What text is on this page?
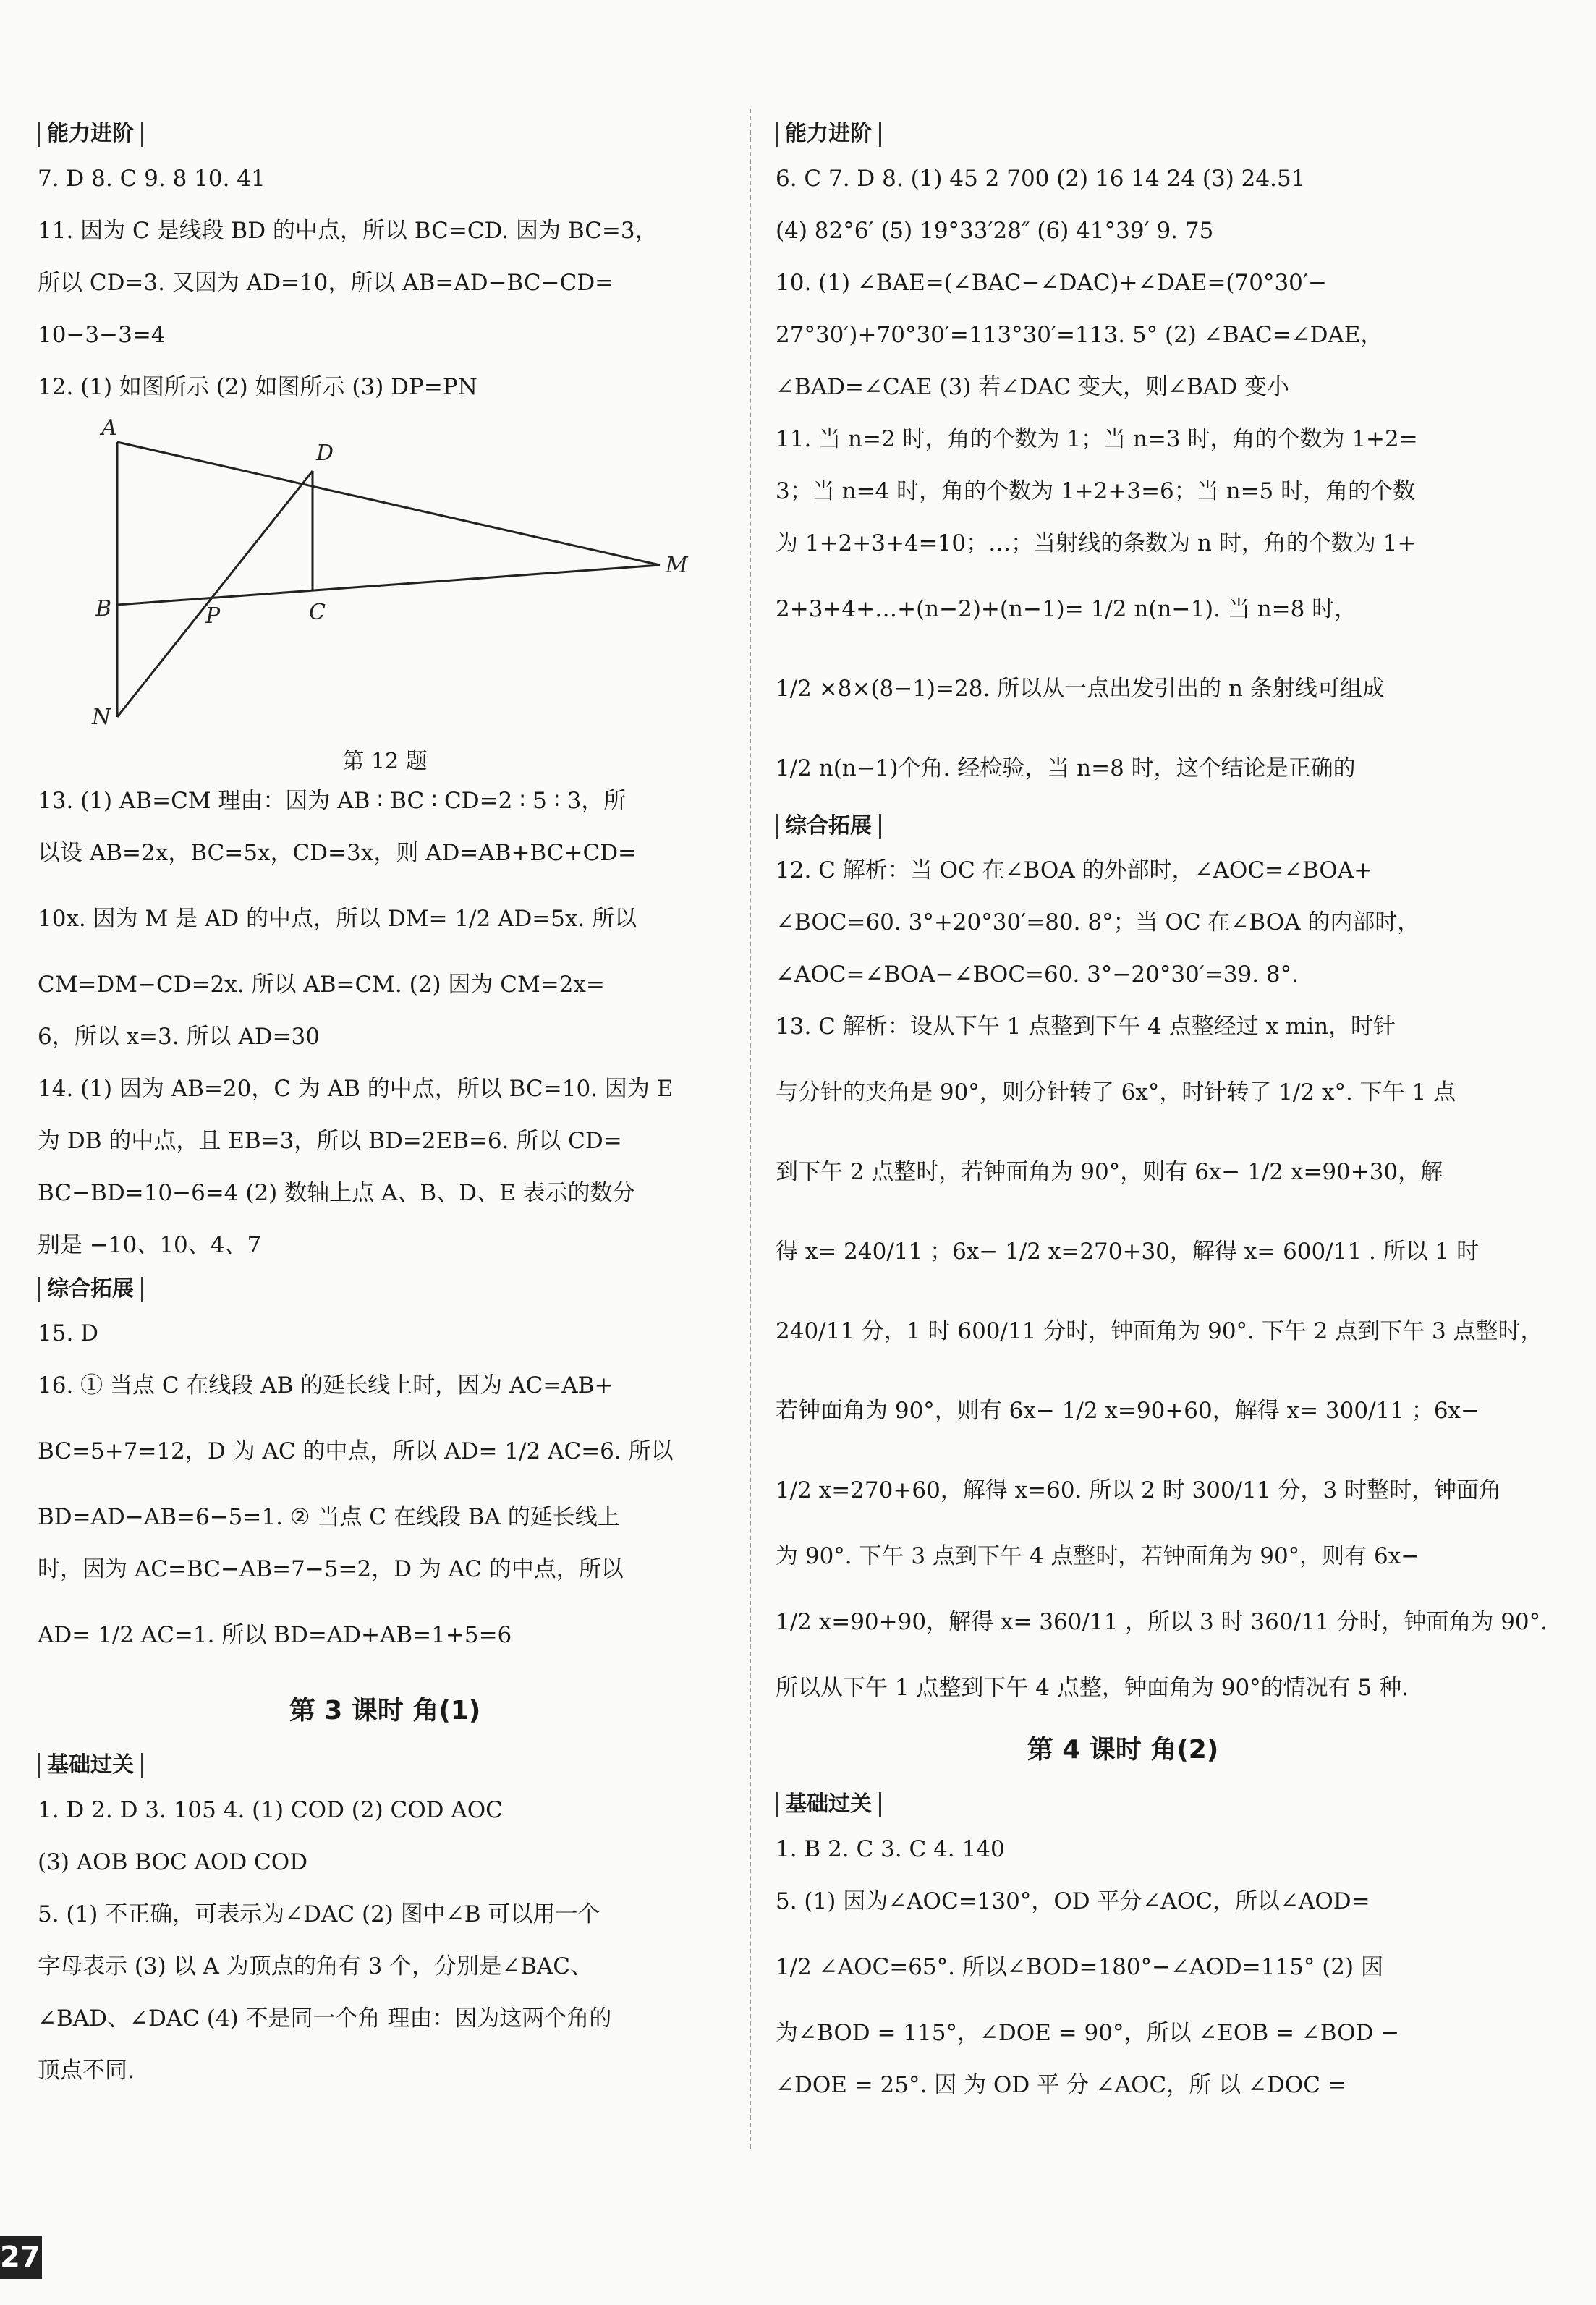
能力进阶
7. D 8. C 9. 8 10. 41
11. 因为 C 是线段 BD 的中点，所以 BC=CD. 因为 BC=3，
所以 CD=3. 又因为 AD=10，所以 AB=AD−BC−CD=
10−3−3=4
12. (1) 如图所示 (2) 如图所示 (3) DP=PN
A
D
B	P	C
M
N
第 12 题
13. (1) AB=CM 理由：因为 AB ∶ BC ∶ CD=2 ∶ 5 ∶ 3，所
以设 AB=2x，BC=5x，CD=3x，则 AD=AB+BC+CD=
10x. 因为 M 是 AD 的中点，所以 DM= 1/2 AD=5x. 所以
CM=DM−CD=2x. 所以 AB=CM. (2) 因为 CM=2x=
6，所以 x=3. 所以 AD=30
14. (1) 因为 AB=20，C 为 AB 的中点，所以 BC=10. 因为 E
为 DB 的中点，且 EB=3，所以 BD=2EB=6. 所以 CD=
BC−BD=10−6=4 (2) 数轴上点 A、B、D、E 表示的数分
别是 −10、10、4、7
综合拓展
15. D
16. ① 当点 C 在线段 AB 的延长线上时，因为 AC=AB+
BC=5+7=12，D 为 AC 的中点，所以 AD= 1/2 AC=6. 所以
BD=AD−AB=6−5=1. ② 当点 C 在线段 BA 的延长线上
时，因为 AC=BC−AB=7−5=2，D 为 AC 的中点，所以
AD= 1/2 AC=1. 所以 BD=AD+AB=1+5=6
第 3 课时 角(1)
基础过关
1. D 2. D 3. 105 4. (1) COD (2) COD AOC
(3) AOB BOC AOD COD
5. (1) 不正确，可表示为∠DAC (2) 图中∠B 可以用一个
字母表示 (3) 以 A 为顶点的角有 3 个，分别是∠BAC、
∠BAD、∠DAC (4) 不是同一个角 理由：因为这两个角的
顶点不同.
能力进阶
6. C 7. D 8. (1) 45 2 700 (2) 16 14 24 (3) 24.51
(4) 82°6′ (5) 19°33′28″ (6) 41°39′ 9. 75
10. (1) ∠BAE=(∠BAC−∠DAC)+∠DAE=(70°30′−
27°30′)+70°30′=113°30′=113. 5° (2) ∠BAC=∠DAE，
∠BAD=∠CAE (3) 若∠DAC 变大，则∠BAD 变小
11. 当 n=2 时，角的个数为 1；当 n=3 时，角的个数为 1+2=
3；当 n=4 时，角的个数为 1+2+3=6；当 n=5 时，角的个数
为 1+2+3+4=10；…；当射线的条数为 n 时，角的个数为 1+
2+3+4+…+(n−2)+(n−1)= 1/2 n(n−1). 当 n=8 时，
1/2 ×8×(8−1)=28. 所以从一点出发引出的 n 条射线可组成
1/2 n(n−1)个角. 经检验，当 n=8 时，这个结论是正确的
综合拓展
12. C 解析：当 OC 在∠BOA 的外部时，∠AOC=∠BOA+
∠BOC=60. 3°+20°30′=80. 8°；当 OC 在∠BOA 的内部时，
∠AOC=∠BOA−∠BOC=60. 3°−20°30′=39. 8°.
13. C 解析：设从下午 1 点整到下午 4 点整经过 x min，时针
与分针的夹角是 90°，则分针转了 6x°，时针转了 1/2 x°. 下午 1 点
到下午 2 点整时，若钟面角为 90°，则有 6x− 1/2 x=90+30，解
得 x= 240/11 ；6x− 1/2 x=270+30，解得 x= 600/11 . 所以 1 时
240/11 分，1 时 600/11 分时，钟面角为 90°. 下午 2 点到下午 3 点整时，
若钟面角为 90°，则有 6x− 1/2 x=90+60，解得 x= 300/11 ；6x−
1/2 x=270+60，解得 x=60. 所以 2 时 300/11 分，3 时整时，钟面角
为 90°. 下午 3 点到下午 4 点整时，若钟面角为 90°，则有 6x−
1/2 x=90+90，解得 x= 360/11 ，所以 3 时 360/11 分时，钟面角为 90°.
所以从下午 1 点整到下午 4 点整，钟面角为 90°的情况有 5 种.
第 4 课时 角(2)
基础过关
1. B 2. C 3. C 4. 140
5. (1) 因为∠AOC=130°，OD 平分∠AOC，所以∠AOD=
1/2 ∠AOC=65°. 所以∠BOD=180°−∠AOD=115° (2) 因
为∠BOD = 115°，∠DOE = 90°，所以 ∠EOB = ∠BOD −
∠DOE = 25°. 因 为 OD 平 分 ∠AOC，所 以 ∠DOC =
27
